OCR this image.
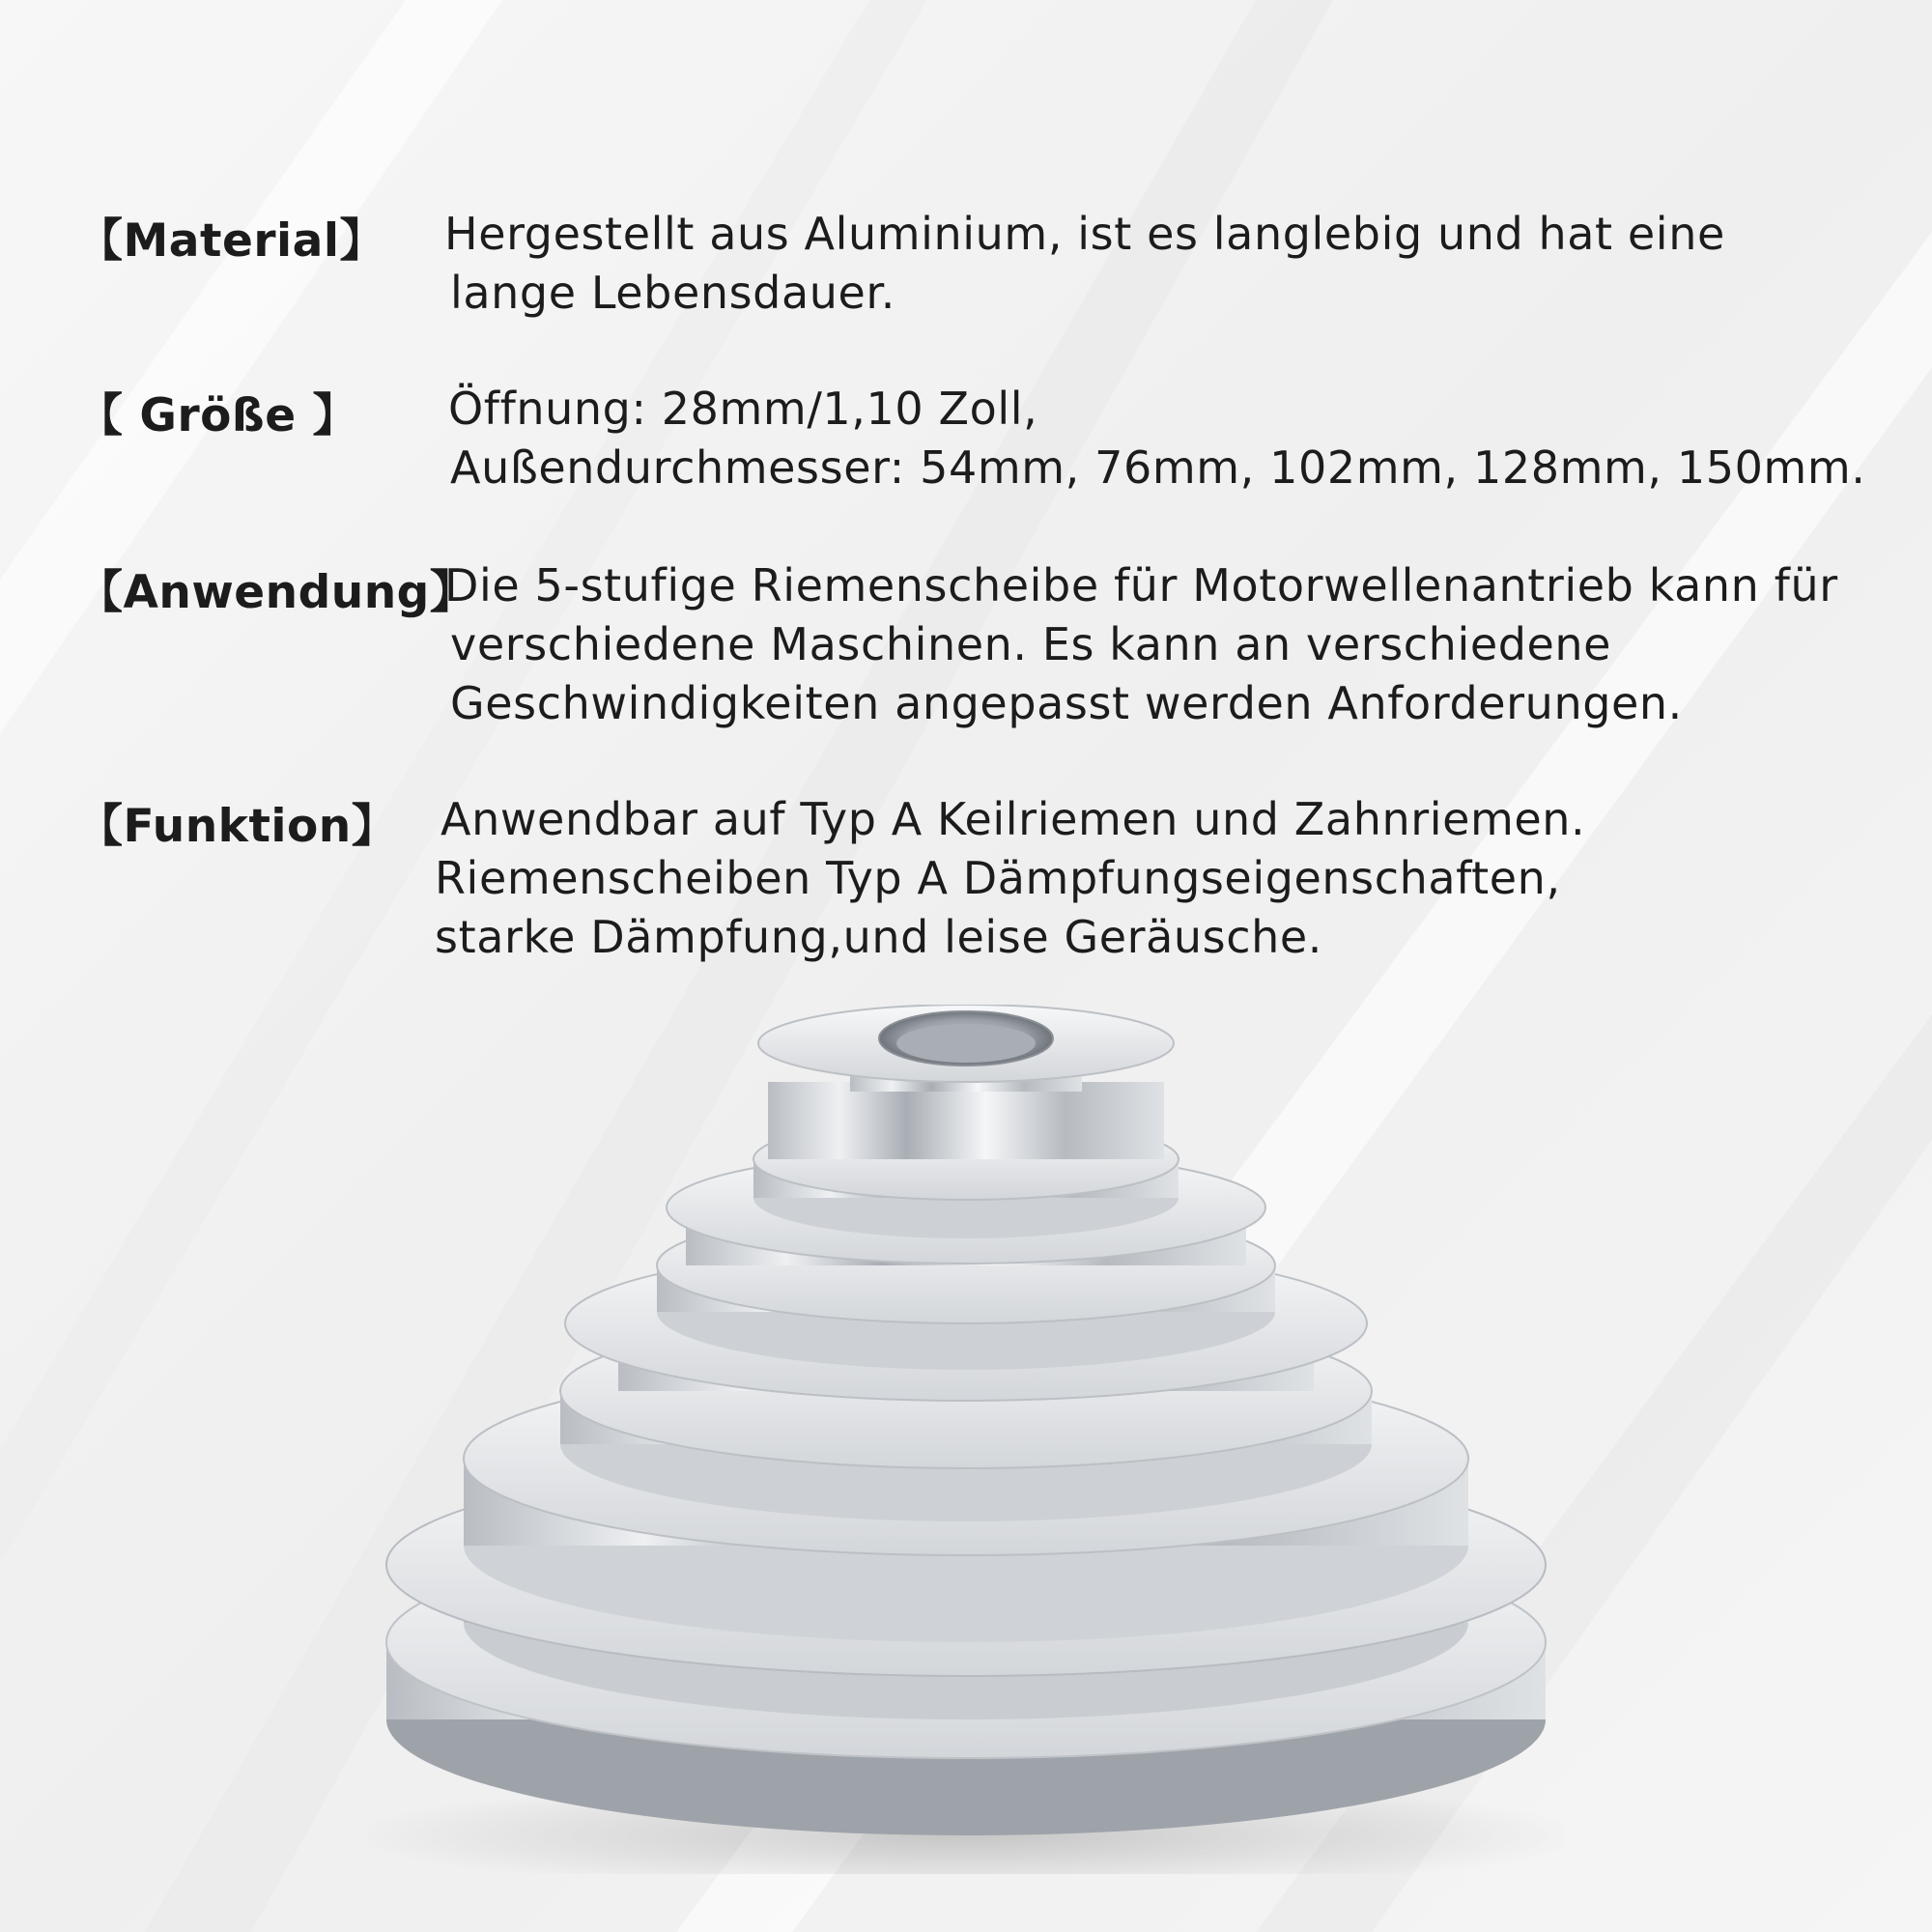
【Material】 Hergestellt aus Aluminium, ist es langlebig und hat eine
lange Lebensdauer.
【 Größe 】 Öffnung: 28mm/1,10 Zoll,
Außendurchmesser: 54mm, 76mm, 102mm, 128mm, 150mm.
【Anwendung】
Die 5-stufige Riemenscheibe für Motorwellenantrieb kann für
verschiedene Maschinen. Es kann an verschiedene
Geschwindigkeiten angepasst werden Anforderungen.
【Funktion】 Anwendbar auf Typ A Keilriemen und Zahnriemen.
Riemenscheiben Typ A Dämpfungseigenschaften,
starke Dämpfung,und leise Geräusche.
